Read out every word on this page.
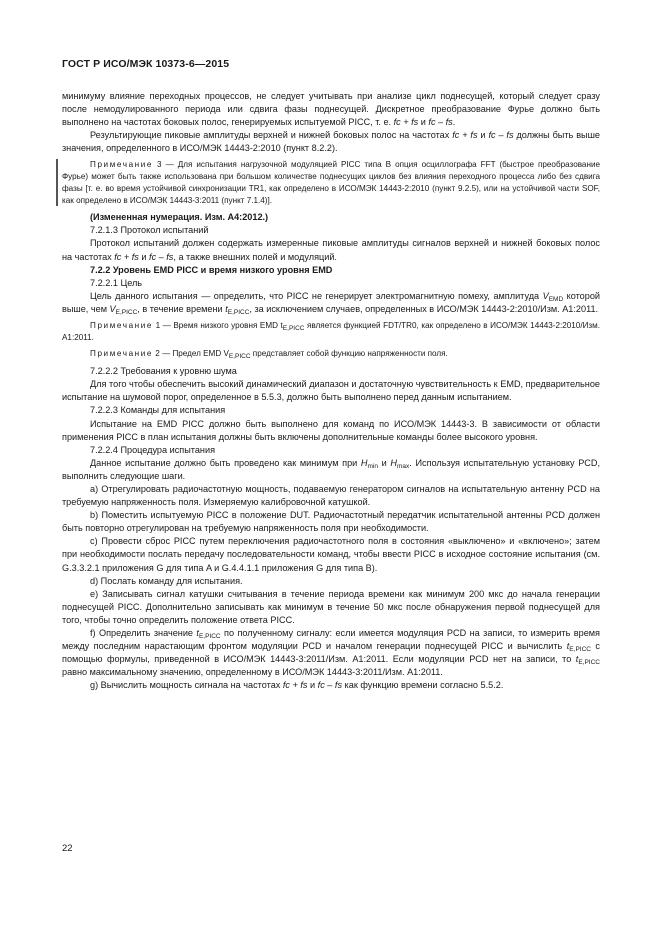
ГОСТ Р ИСО/МЭК 10373-6—2015

минимуму влияние переходных процессов, не следует учитывать при анализе цикл поднесущей, который следует сразу после немодулированного периода или сдвига фазы поднесущей. Дискретное преобразование Фурье должно быть выполнено на частотах боковых полос, генерируемых испытуемой PICC, т. е. fc + fs и fc – fs.

Результирующие пиковые амплитуды верхней и нижней боковых полос на частотах fc + fs и fc – fs должны быть выше значения, определенного в ИСО/МЭК 14443-2:2010 (пункт 8.2.2).

Примечание 3 — Для испытания нагрузочной модуляцией PICC типа В опция осциллографа FFT (быстрое преобразование Фурье) может быть также использована при большом количестве поднесущих циклов без влияния переходного процесса либо без сдвига фазы [т. е. во время устойчивой синхронизации TR1, как определено в ИСО/МЭК 14443-2:2010 (пункт 9.2.5), или на устойчивой части SOF, как определено в ИСО/МЭК 14443-3:2011 (пункт 7.1.4)].

(Измененная нумерация. Изм. А4:2012.)

7.2.1.3 Протокол испытаний

Протокол испытаний должен содержать измеренные пиковые амплитуды сигналов верхней и нижней боковых полос на частотах fc + fs и fc – fs, а также внешних полей и модуляций.

7.2.2 Уровень EMD PICC и время низкого уровня EMD

7.2.2.1 Цель

Цель данного испытания — определить, что PICC не генерирует электромагнитную помеху, амплитуда $V_{EMD}$ которой выше, чем $V_{E,PICC}$, в течение времени $t_{E,PICC}$, за исключением случаев, определенных в ИСО/МЭК 14443-2:2010/Изм. А1:2011.

Примечание 1 — Время низкого уровня EMD $t_{E,PICC}$ является функцией FDT/TR0, как определено в ИСО/МЭК 14443-2:2010/Изм. А1:2011.

Примечание 2 — Предел EMD $V_{E,PICC}$ представляет собой функцию напряженности поля.

7.2.2.2 Требования к уровню шума

Для того чтобы обеспечить высокий динамический диапазон и достаточную чувствительность к EMD, предварительное испытание на шумовой порог, определенное в 5.5.3, должно быть выполнено перед данным испытанием.

7.2.2.3 Команды для испытания

Испытание на EMD PICC должно быть выполнено для команд по ИСО/МЭК 14443-3. В зависимости от области применения PICC в план испытания должны быть включены дополнительные команды более высокого уровня.

7.2.2.4 Процедура испытания

Данное испытание должно быть проведено как минимум при $H_{min}$ и $H_{max}$. Используя испытательную установку PCD, выполнить следующие шаги.

a) Отрегулировать радиочастотную мощность, подаваемую генератором сигналов на испытательную антенну PCD на требуемую напряженность поля. Измеряемую калибровочной катушкой.

b) Поместить испытуемую PICC в положение DUT. Радиочастотный передатчик испытательной антенны PCD должен быть повторно отрегулирован на требуемую напряженность поля при необходимости.

c) Провести сброс PICC путем переключения радиочастотного поля в состояния «выключено» и «включено»; затем при необходимости послать передачу последовательности команд, чтобы ввести PICC в исходное состояние испытания (см. G.3.3.2.1 приложения G для типа A и G.4.4.1.1 приложения G для типа B).

d) Послать команду для испытания.

e) Записывать сигнал катушки считывания в течение периода времени как минимум 200 мкс до начала генерации поднесущей PICC. Дополнительно записывать как минимум в течение 50 мкс после обнаружения первой поднесущей для того, чтобы точно определить положение ответа PICC.

f) Определить значение $t_{E,PICC}$ по полученному сигналу: если имеется модуляция PCD на записи, то измерить время между последним нарастающим фронтом модуляции PCD и началом генерации поднесущей PICC и вычислить $t_{E,PICC}$ с помощью формулы, приведенной в ИСО/МЭК 14443-3:2011/Изм. А1:2011. Если модуляции PCD нет на записи, то $t_{E,PICC}$ равно максимальному значению, определенному в ИСО/МЭК 14443-3:2011/Изм. А1:2011.

g) Вычислить мощность сигнала на частотах fc + fs и fc – fs как функцию времени согласно 5.5.2.

22
